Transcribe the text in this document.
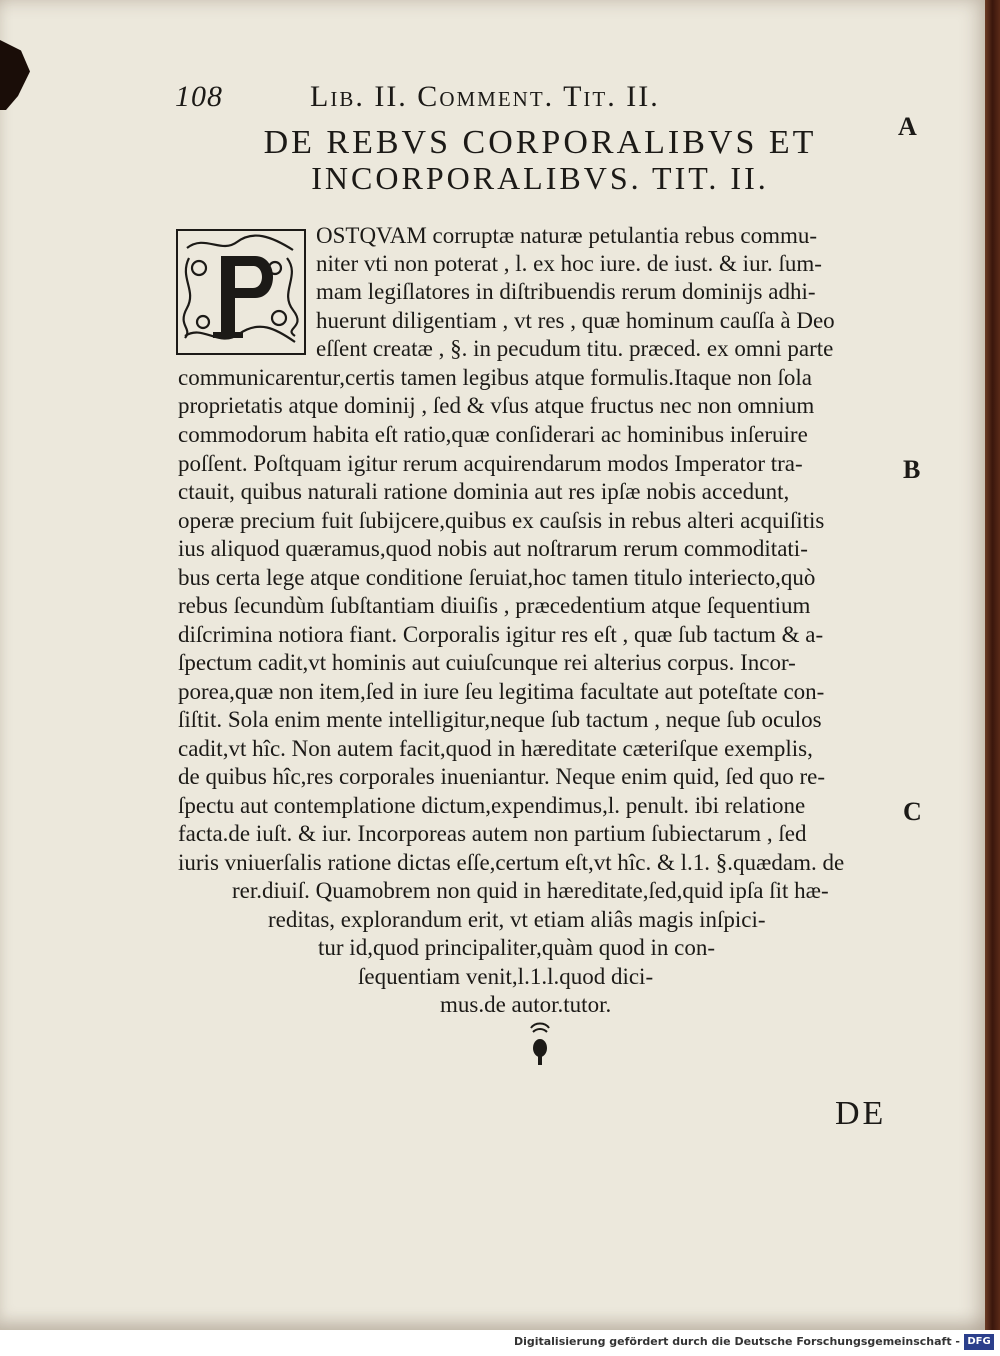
108	Lib. II. Comment. Tit. II.
DE REBVS CORPORALIBVS ET
INCORPORALIBVS. TIT. II.
A
B
C
OSTQVAM corruptæ naturæ petulantia rebus commu-
niter vti non poterat , l. ex hoc iure. de iust. & iur. ſum-
mam legiſlatores in diſtribuendis rerum dominijs adhi-
huerunt diligentiam , vt res , quæ hominum cauſſa à Deo
eſſent creatæ , §. in pecudum titu. præced. ex omni parte
communicarentur,certis tamen legibus atque formulis.Itaque non ſola
proprietatis atque dominij , ſed & vſus atque fructus nec non omnium
commodorum habita eſt ratio,quæ conſiderari ac hominibus inſeruire
poſſent. Poſtquam igitur rerum acquirendarum modos Imperator tra-
ctauit, quibus naturali ratione dominia aut res ipſæ nobis accedunt,
operæ precium fuit ſubijcere,quibus ex cauſsis in rebus alteri acquiſitis
ius aliquod quæramus,quod nobis aut noſtrarum rerum commoditati-
bus certa lege atque conditione ſeruiat,hoc tamen titulo interiecto,quò
rebus ſecundùm ſubſtantiam diuiſis , præcedentium atque ſequentium
diſcrimina notiora fiant. Corporalis igitur res eſt , quæ ſub tactum & a-
ſpectum cadit,vt hominis aut cuiuſcunque rei alterius corpus. Incor-
porea,quæ non item,ſed in iure ſeu legitima facultate aut poteſtate con-
ſiſtit. Sola enim mente intelligitur,neque ſub tactum , neque ſub oculos
cadit,vt hîc. Non autem facit,quod in hæreditate cæteriſque exemplis,
de quibus hîc,res corporales inueniantur. Neque enim quid, ſed quo re-
ſpectu aut contemplatione dictum,expendimus,l. penult. ibi relatione
facta.de iuſt. & iur. Incorporeas autem non partium ſubiectarum , ſed
iuris vniuerſalis ratione dictas eſſe,certum eſt,vt hîc. & l.1. §.quædam. de
rer.diuiſ. Quamobrem non quid in hæreditate,ſed,quid ipſa ſit hæ-
reditas, explorandum erit, vt etiam aliâs magis inſpici-
tur id,quod principaliter,quàm quod in con-
ſequentiam venit,l.1.l.quod dici-
mus.de autor.tutor.
DE
Digitalisierung gefördert durch die Deutsche Forschungsgemeinschaft - DFG
